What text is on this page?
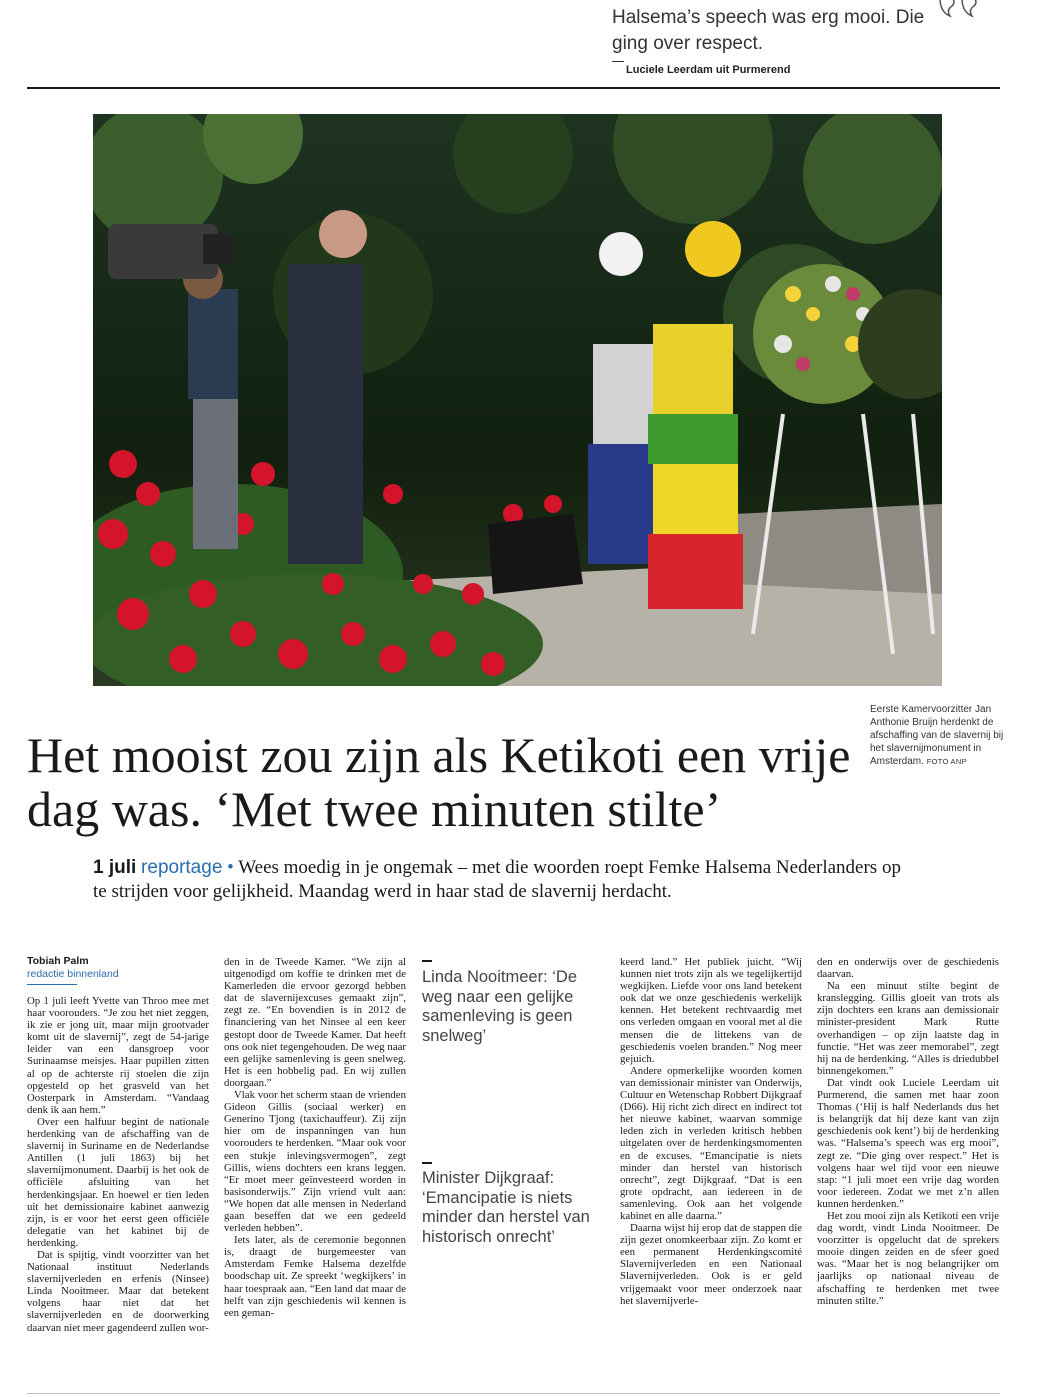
Halsema’s speech was erg mooi. Die ging over respect.
Luciele Leerdam uit Purmerend
Eerste Kamervoorzitter Jan Anthonie Bruijn herdenkt de afschaffing van de slavernij bij het slavernijmonument in Amsterdam. FOTO ANP
Het mooist zou zijn als Ketikoti een vrije dag was. ‘Met twee minuten stilte’
1 juli reportage • Wees moedig in je ongemak – met die woorden roept Femke Halsema Nederlanders op te strijden voor gelijkheid. Maandag werd in haar stad de slavernij herdacht.
Tobiah Palm
redactie binnenland

Op 1 juli leeft Yvette van Throo mee met haar voorouders. “Je zou het niet zeggen, ik zie er jong uit, maar mijn grootvader komt uit de slavernij”, zegt de 54-jarige leider van een dansgroep voor Surinaamse meisjes. Haar pupillen zitten al op de achterste rij stoelen die zijn opgesteld op het grasveld van het Oosterpark in Amsterdam. “Vandaag denk ik aan hem.”

Over een halfuur begint de nationale herdenking van de afschaffing van de slavernij in Suriname en de Nederlandse Antillen (1 juli 1863) bij het slavernijmonument. Daarbij is het ook de officiële afsluiting van het herdenkingsjaar. En hoewel er tien leden uit het demissionaire kabinet aanwezig zijn, is er voor het eerst geen officiële delegatie van het kabinet bij de herdenking.

Dat is spijtig, vindt voorzitter van het Nationaal instituut Nederlands slavernijverleden en erfenis (Ninsee) Linda Nooitmeer. Maar dat betekent volgens haar niet dat het slavernijverleden en de doorwerking daarvan niet meer gagendeerd zullen wor-

den in de Tweede Kamer. “We zijn al uitgenodigd om koffie te drinken met de Kamerleden die ervoor gezorgd hebben dat de slavernijexcuses gemaakt zijn”, zegt ze. “En bovendien is in 2012 de financiering van het Ninsee al een keer gestopt door de Tweede Kamer. Dat heeft ons ook niet tegengehouden. De weg naar een gelijke samenleving is geen snelweg. Het is een hobbelig pad. En wij zullen doorgaan.”

Vlak voor het scherm staan de vrienden Gideon Gillis (sociaal werker) en Generino Tjong (taxichauffeur). Zij zijn hier om de inspanningen van hun voorouders te herdenken. “Maar ook voor een stukje inlevingsvermogen”, zegt Gillis, wiens dochters een krans leggen. “Er moet meer geïnvesteerd worden in basisonderwijs.” Zijn vriend vult aan: “We hopen dat alle mensen in Nederland gaan beseffen dat we een gedeeld verleden hebben”.

Iets later, als de ceremonie begonnen is, draagt de burgemeester van Amsterdam Femke Halsema dezelfde boodschap uit. Ze spreekt ‘wegkijkers’ in haar toespraak aan. “Een land dat maar de helft van zijn geschiedenis wil kennen is een geman-

Linda Nooitmeer: ‘De weg naar een gelijke samenleving is geen snelweg’
Minister Dijkgraaf: ‘Emancipatie is niets minder dan herstel van historisch onrecht’

keerd land.” Het publiek juicht. “Wij kunnen niet trots zijn als we tegelijkertijd wegkijken. Liefde voor ons land betekent ook dat we onze geschiedenis werkelijk kennen. Het betekent rechtvaardig met ons verleden omgaan en vooral met al die mensen die de littekens van de geschiedenis voelen branden.” Nog meer gejuich.

Andere opmerkelijke woorden komen van demissionair minister van Onderwijs, Cultuur en Wetenschap Robbert Dijkgraaf (D66). Hij richt zich direct en indirect tot het nieuwe kabinet, waarvan sommige leden zich in verleden kritisch hebben uitgelaten over de herdenkingsmomenten en de excuses. “Emancipatie is niets minder dan herstel van historisch onrecht”, zegt Dijkgraaf. “Dat is een grote opdracht, aan iedereen in de samenleving. Ook aan het volgende kabinet en alle daarna.”

Daarna wijst hij erop dat de stappen die zijn gezet onomkeerbaar zijn. Zo komt er een permanent Herdenkingscomité Slavernijverleden en een Nationaal Slavernijverleden. Ook is er geld vrijgemaakt voor meer onderzoek naar het slavernijverle-

den en onderwijs over de geschiedenis daarvan.

Na een minuut stilte begint de kranslegging. Gillis gloeit van trots als zijn dochters een krans aan demissionair minister-president Mark Rutte overhandigen – op zijn laatste dag in functie. “Het was zeer memorabel”, zegt hij na de herdenking. “Alles is driedubbel binnengekomen.”

Dat vindt ook Luciele Leerdam uit Purmerend, die samen met haar zoon Thomas (‘Hij is half Nederlands dus het is belangrijk dat hij deze kant van zijn geschiedenis ook kent’) bij de herdenking was. “Halsema’s speech was erg mooi”, zegt ze. “Die ging over respect.” Het is volgens haar wel tijd voor een nieuwe stap: “1 juli moet een vrije dag worden voor iedereen. Zodat we met z’n allen kunnen herdenken.”

Het zou mooi zijn als Ketikoti een vrije dag wordt, vindt Linda Nooitmeer. De voorzitter is opgelucht dat de sprekers mooie dingen zeiden en de sfeer goed was. “Maar het is nog belangrijker om jaarlijks op nationaal niveau de afschaffing te herdenken met twee minuten stilte.”
